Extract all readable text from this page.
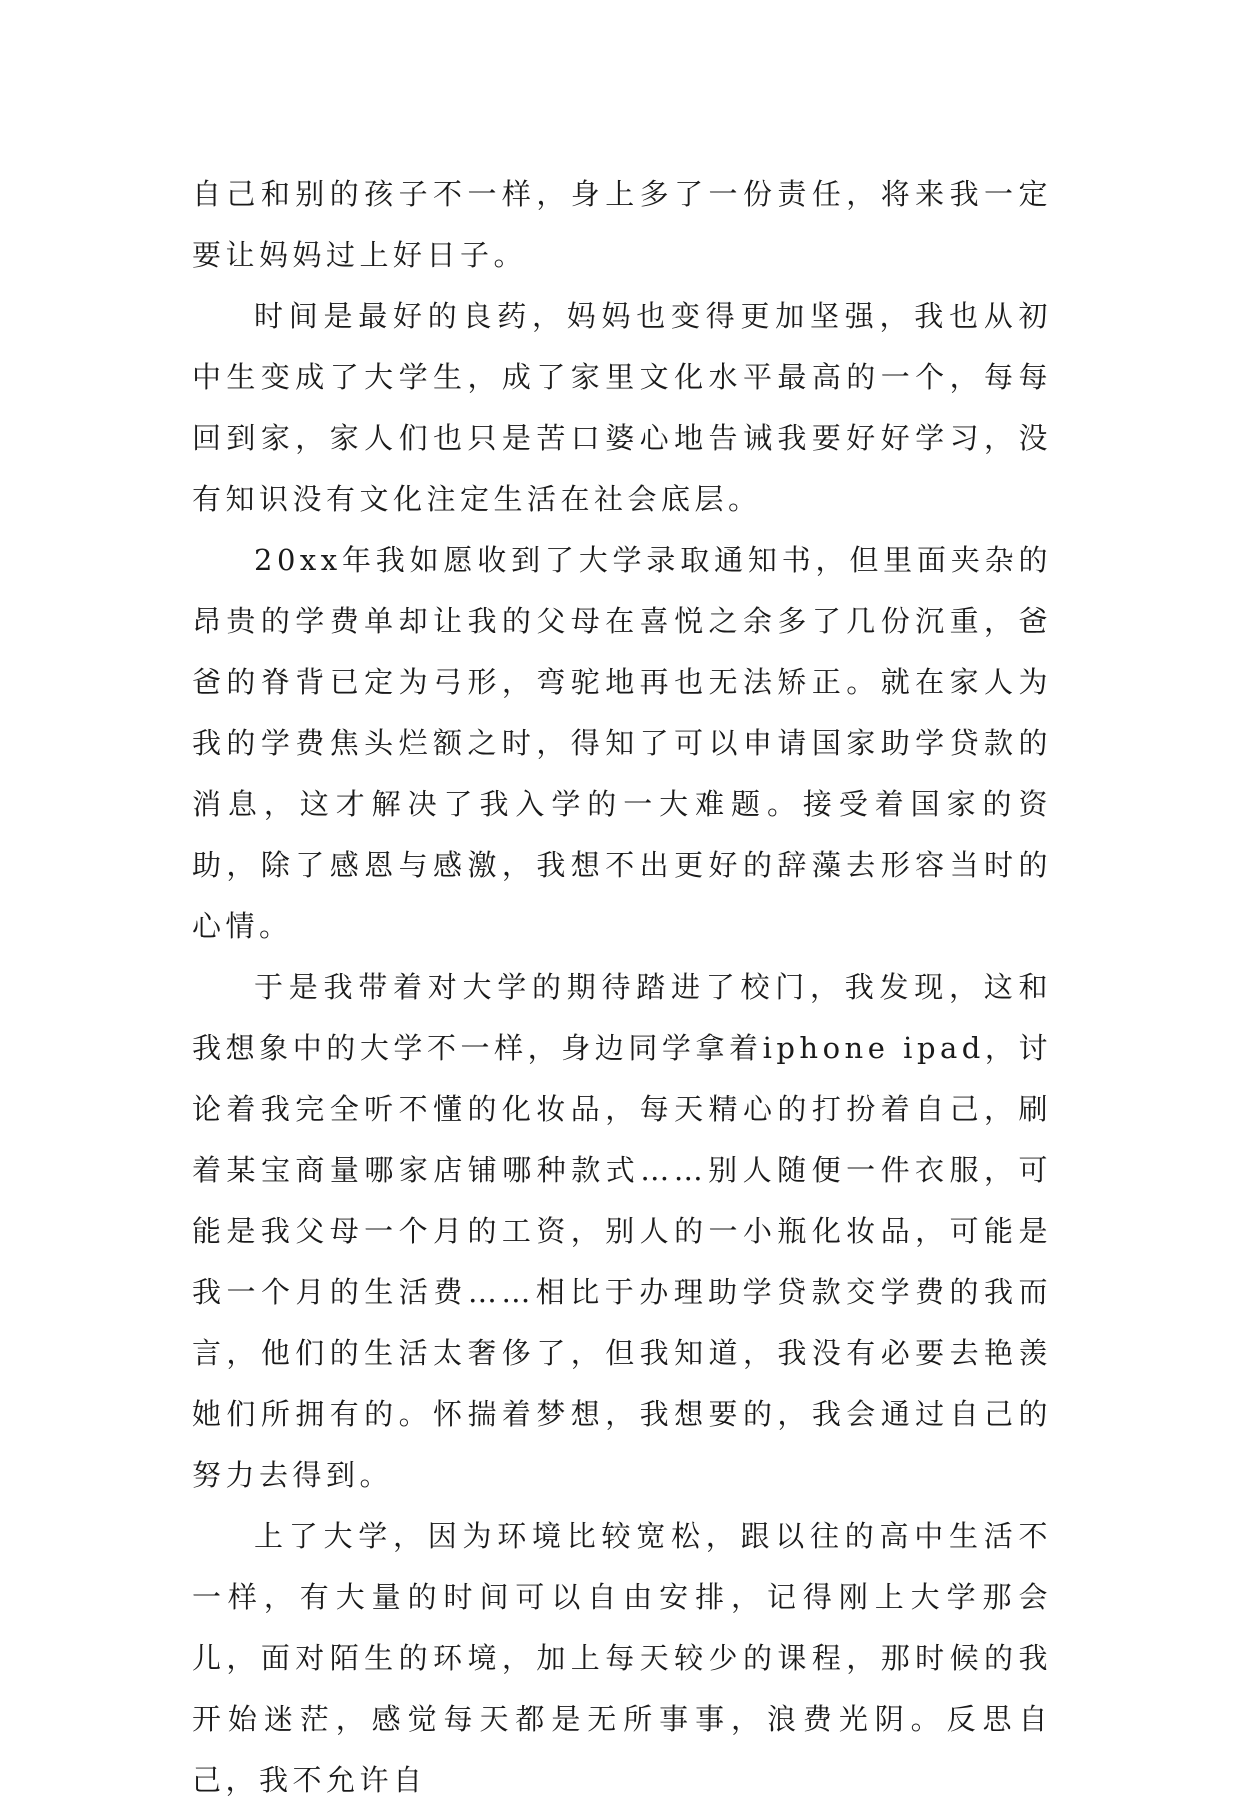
自己和别的孩子不一样，身上多了一份责任，将来我一定要让妈妈过上好日子。

时间是最好的良药，妈妈也变得更加坚强，我也从初中生变成了大学生，成了家里文化水平最高的一个，每每回到家，家人们也只是苦口婆心地告诫我要好好学习，没有知识没有文化注定生活在社会底层。

20xx年我如愿收到了大学录取通知书，但里面夹杂的昂贵的学费单却让我的父母在喜悦之余多了几份沉重，爸爸的脊背已定为弓形，弯驼地再也无法矫正。就在家人为我的学费焦头烂额之时，得知了可以申请国家助学贷款的消息，这才解决了我入学的一大难题。接受着国家的资助，除了感恩与感激，我想不出更好的辞藻去形容当时的心情。

于是我带着对大学的期待踏进了校门，我发现，这和我想象中的大学不一样，身边同学拿着iphone ipad，讨论着我完全听不懂的化妆品，每天精心的打扮着自己，刷着某宝商量哪家店铺哪种款式……别人随便一件衣服，可能是我父母一个月的工资，别人的一小瓶化妆品，可能是我一个月的生活费……相比于办理助学贷款交学费的我而言，他们的生活太奢侈了，但我知道，我没有必要去艳羡她们所拥有的。怀揣着梦想，我想要的，我会通过自己的努力去得到。

上了大学，因为环境比较宽松，跟以往的高中生活不一样，有大量的时间可以自由安排，记得刚上大学那会儿，面对陌生的环境，加上每天较少的课程，那时候的我开始迷茫，感觉每天都是无所事事，浪费光阴。反思自己，我不允许自
